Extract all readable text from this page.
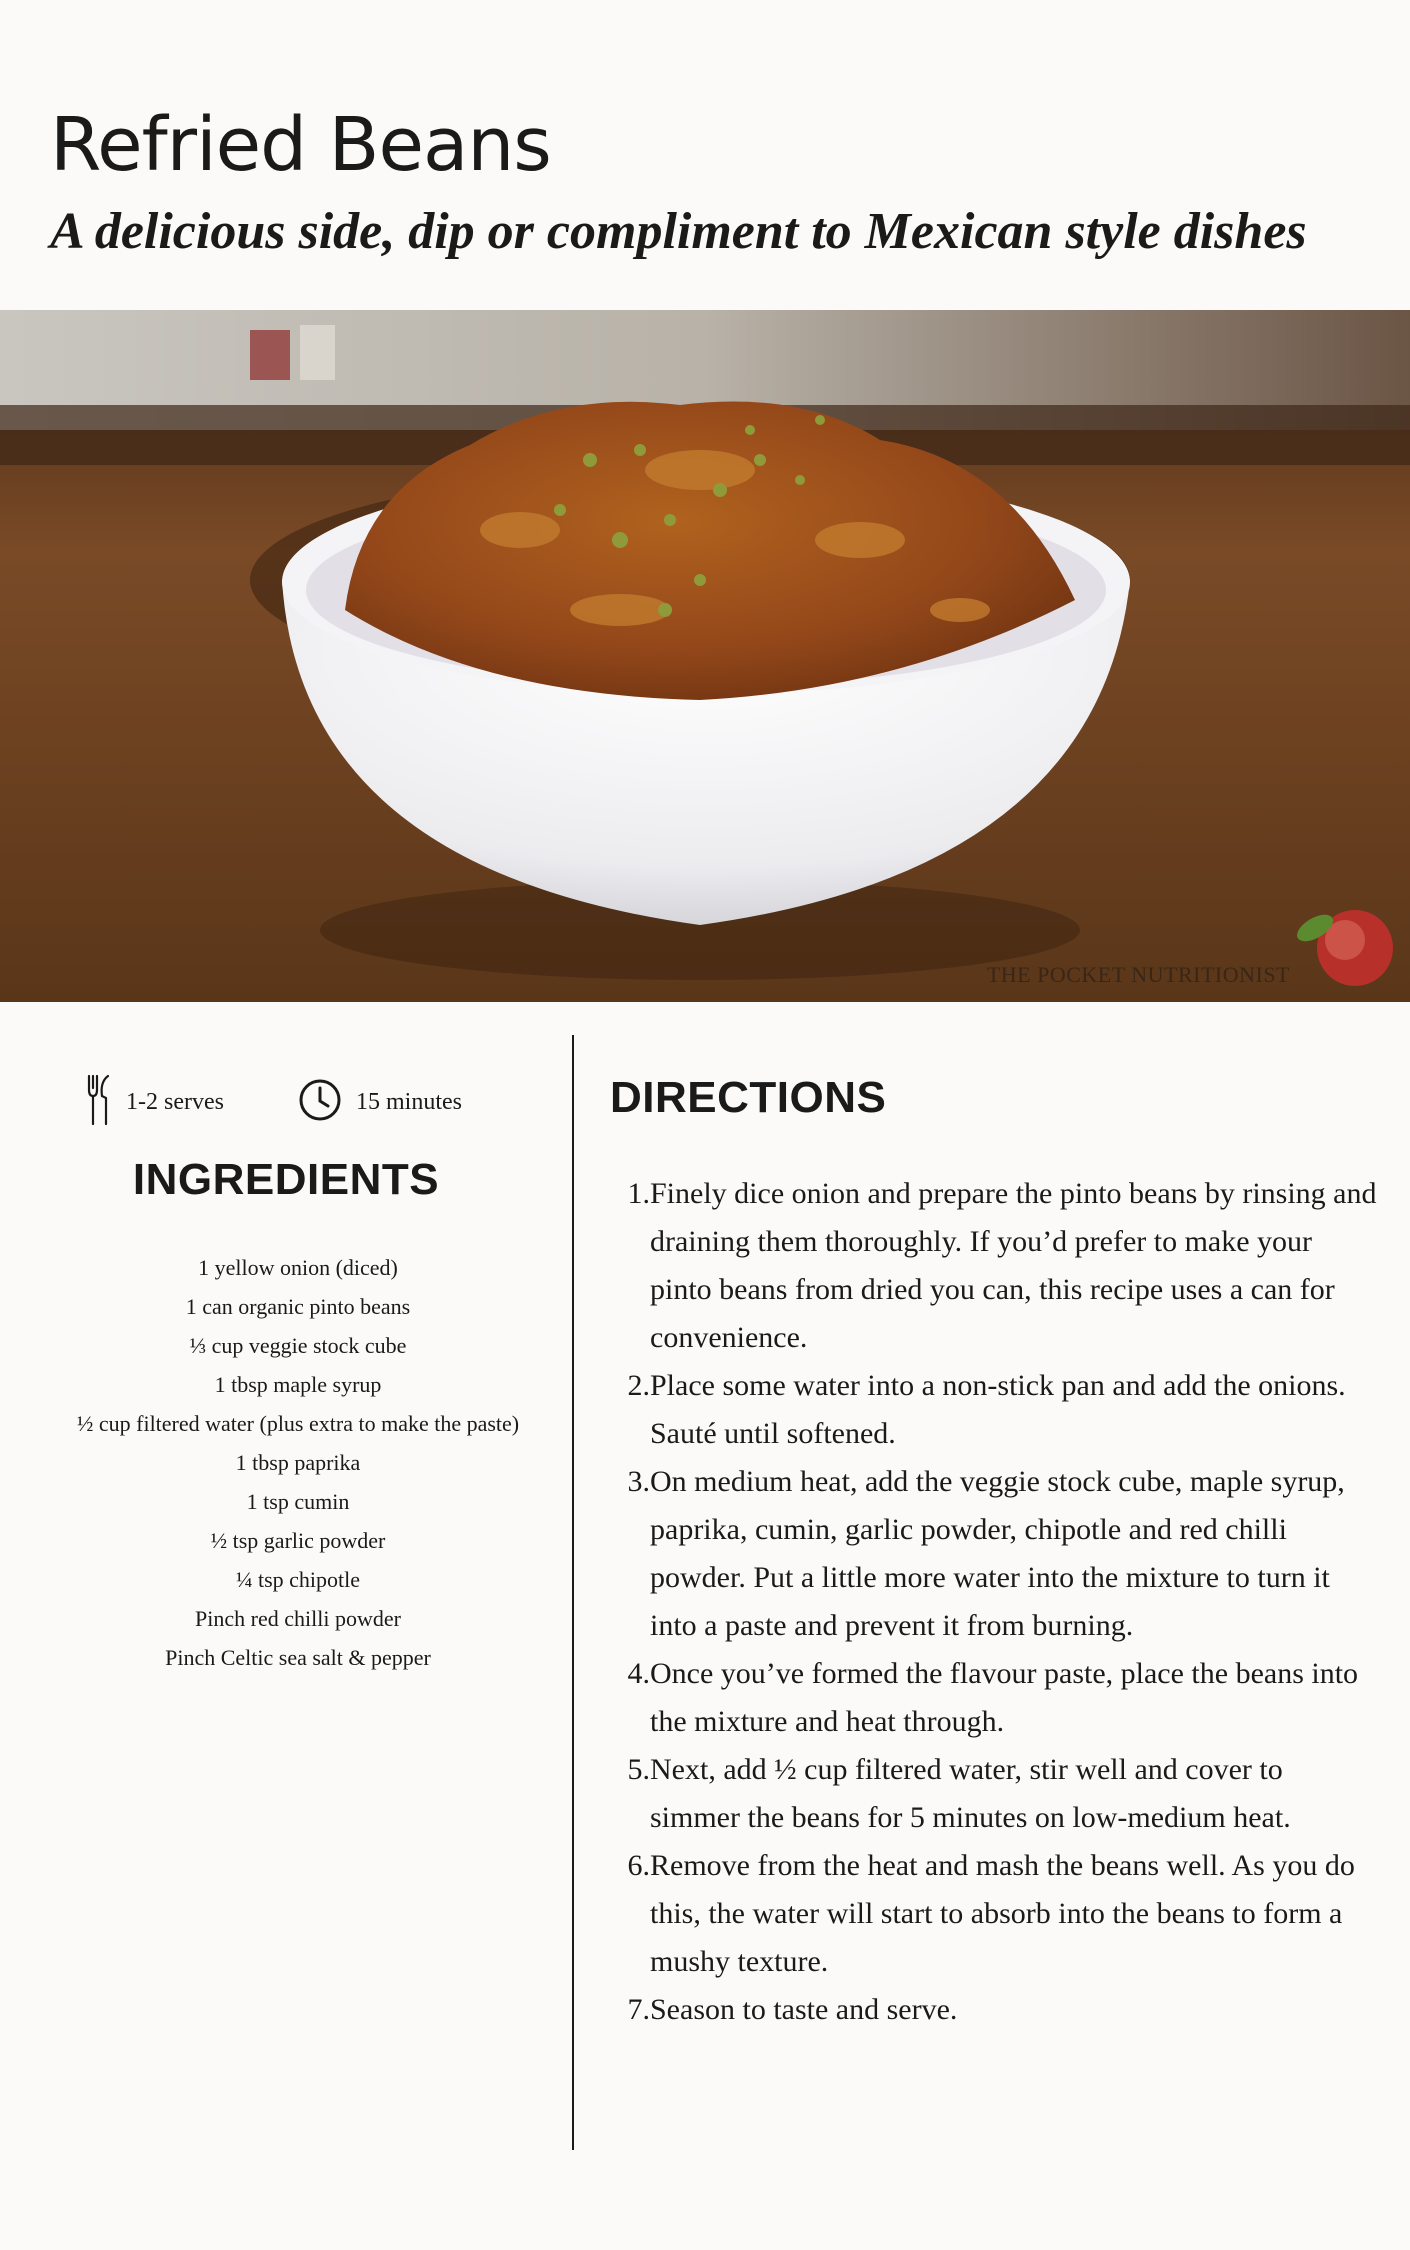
Refried Beans
A delicious side, dip or compliment to Mexican style dishes
THE POCKET NUTRITIONIST
1-2 serves	15 minutes
INGREDIENTS
1 yellow onion (diced)
1 can organic pinto beans
⅓ cup veggie stock cube
1 tbsp maple syrup
½ cup filtered water (plus extra to make the paste)
1 tbsp paprika
1 tsp cumin
½ tsp garlic powder
¼ tsp chipotle
Pinch red chilli powder
Pinch Celtic sea salt & pepper
DIRECTIONS
1. Finely dice onion and prepare the pinto beans by rinsing and draining them thoroughly. If you’d prefer to make your pinto beans from dried you can, this recipe uses a can for convenience.
2. Place some water into a non-stick pan and add the onions. Sauté until softened.
3. On medium heat, add the veggie stock cube, maple syrup, paprika, cumin, garlic powder, chipotle and red chilli powder. Put a little more water into the mixture to turn it into a paste and prevent it from burning.
4. Once you’ve formed the flavour paste, place the beans into the mixture and heat through.
5. Next, add ½ cup filtered water, stir well and cover to simmer the beans for 5 minutes on low-medium heat.
6. Remove from the heat and mash the beans well. As you do this, the water will start to absorb into the beans to form a mushy texture.
7. Season to taste and serve.
